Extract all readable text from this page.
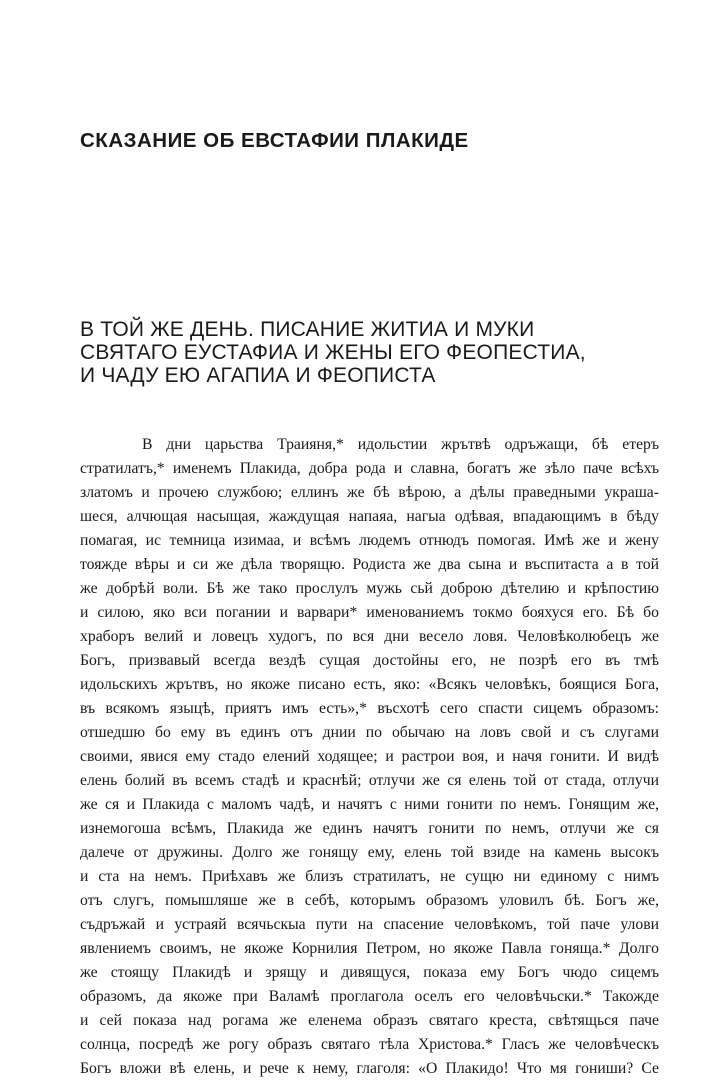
СКАЗАНИЕ ОБ ЕВСТАФИИ ПЛАКИДЕ
В ТОЙ ЖЕ ДЕНЬ. ПИСАНИЕ ЖИТИА И МУКИ
СВЯТАГО ЕУСТАФИА И ЖЕНЫ ЕГО ФЕОПЕСТИА,
И ЧАДУ ЕЮ АГАПИА И ФЕОПИСТА
В дни царьства Траияня,* идольстии жрътвѣ одръжащи, бѣ етеръ
стратилатъ,* именемъ Плакида, добра рода и славна, богатъ же зѣло паче всѣхъ
златомъ и прочею службою; еллинъ же бѣ вѣрою, а дѣлы праведными украша-
шеся, алчющая насыщая, жаждущая напаяа, нагыа одѣвая, впадающимъ в бѣду
помагая, ис темница изимаа, и всѣмъ людемъ отнюдъ помогая. Имѣ же и жену
тояжде вѣры и си же дѣла творящю. Родиста же два сына и въспитаста а в той
же добрѣй воли. Бѣ же тако прослулъ мужь сьй доброю дѣтелию и крѣпостию
и силою, яко вси погании и варвари* именованиемъ токмо бояхуся его. Бѣ бо
храборъ велий и ловецъ худогъ, по вся дни весело ловя. Человѣколюбецъ же
Богъ, призвавый всегда вездѣ сущая достойны его, не позрѣ его въ тмѣ
идольскихъ жрътвъ, но якоже писано есть, яко: «Всякъ человѣкъ, боящися Бога,
въ всякомъ языцѣ, приятъ имъ есть»,* въсхотѣ сего спасти сицемъ образомъ:
отшедшю бо ему въ единъ отъ днии по обычаю на ловъ свой и съ слугами
своими, явися ему стадо елений ходящее; и растрои воя, и начя гонити. И видѣ
елень болий въ всемъ стадѣ и краснѣй; отлучи же ся елень той от стада, отлучи
же ся и Плакида с маломъ чадѣ, и начятъ с ними гонити по немъ. Гонящим же,
изнемогоша всѣмъ, Плакида же единъ начятъ гонити по немъ, отлучи же ся
далече от дружины. Долго же гонящу ему, елень той взиде на камень высокъ
и ста на немъ. Приѣхавъ же близъ стратилатъ, не сущю ни единому с нимъ
отъ слугъ, помышляше же в себѣ, которымъ образомъ уловилъ бѣ. Богъ же,
съдръжай и устраяй всячьскыа пути на спасение человѣкомъ, той паче улови
явлениемъ своимъ, не якоже Корнилия Петром, но якоже Павла гоняща.* Долго
же стоящу Плакидѣ и зрящу и дивящуся, показа ему Богъ чюдо сицемъ
образомъ, да якоже при Валамѣ проглагола оселъ его человѣчьски.* Такожде
и сей показа над рогама же еленема образъ святаго креста, свѣтящься паче
солнца, посредѣ же рогу образъ святаго тѣла Христова.* Гласъ же человѣческъ
Богъ вложи вѣ елень, и рече к нему, глаголя: «О Плакидо! Что мя гониши? Се
